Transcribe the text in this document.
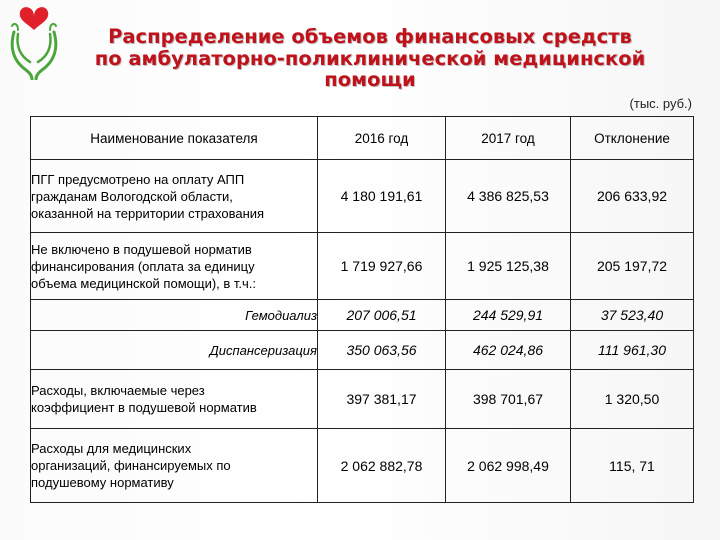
Распределение объемов финансовых средств
по амбулаторно-поликлинической медицинской
помощи
(тыс. руб.)
Наименование показателя	2016 год	2017 год	Отклонение

ПГГ предусмотрено на оплату АПП
гражданам Вологодской области,
оказанной на территории страхования	4 180 191,61	4 386 825,53	206 633,92

Не включено в подушевой норматив
финансирования (оплата за единицу
объема медицинской помощи), в т.ч.:	1 719 927,66	1 925 125,38	205 197,72
Гемодиализ	207 006,51	244 529,91	37 523,40
Диспансеризация	350 063,56	462 024,86	111 961,30

Расходы, включаемые через
коэффициент в подушевой норматив	397 381,17	398 701,67	1 320,50

Расходы для медицинских
организаций, финансируемых по
подушевому нормативу	2 062 882,78	2 062 998,49	115, 71
